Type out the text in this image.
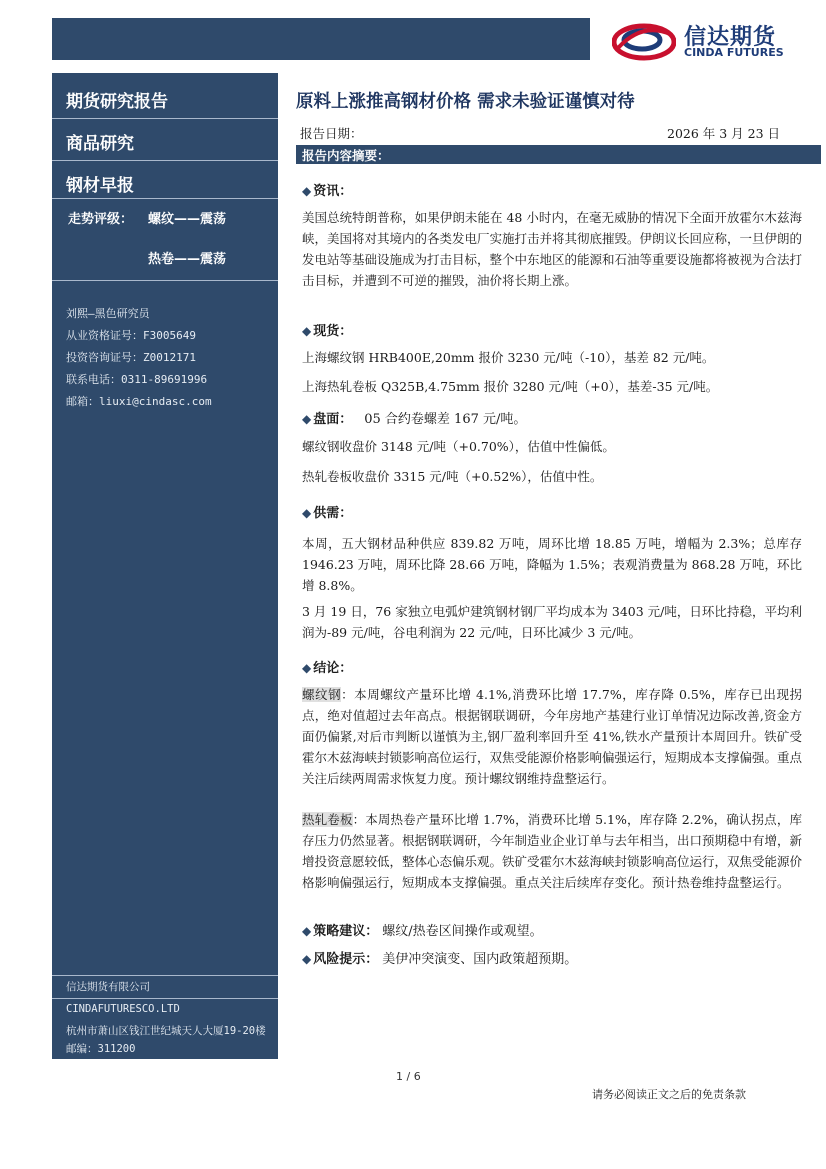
信达期货
CINDA FUTURES
期货研究报告
商品研究
钢材早报
走势评级： 螺纹——震荡
热卷——震荡
刘熙—黑色研究员
从业资格证号：F3005649
投资咨询证号：Z0012171
联系电话：0311-89691996
邮箱：liuxi@cindasc.com
信达期货有限公司
CINDAFUTURESCO.LTD
杭州市萧山区钱江世纪城天人大厦19-20楼
邮编：311200
原料上涨推高钢材价格 需求未验证谨慎对待
报告日期：	2026 年 3 月 23 日
报告内容摘要：
◆ 资讯：
美国总统特朗普称，如果伊朗未能在 48 小时内，在毫无威胁的情况下全面开放霍尔木兹海峡，美国将对其境内的各类发电厂实施打击并将其彻底摧毁。伊朗议长回应称，一旦伊朗的发电站等基础设施成为打击目标，整个中东地区的能源和石油等重要设施都将被视为合法打击目标，并遭到不可逆的摧毁，油价将长期上涨。
◆ 现货：
上海螺纹钢 HRB400E,20mm 报价 3230 元/吨（-10），基差 82 元/吨。
上海热轧卷板 Q325B,4.75mm 报价 3280 元/吨（+0），基差-35 元/吨。
◆ 盘面： 05 合约卷螺差 167 元/吨。
螺纹钢收盘价 3148 元/吨（+0.70%），估值中性偏低。
热轧卷板收盘价 3315 元/吨（+0.52%），估值中性。
◆ 供需：
本周，五大钢材品种供应 839.82 万吨，周环比增 18.85 万吨，增幅为 2.3%；总库存 1946.23 万吨，周环比降 28.66 万吨，降幅为 1.5%；表观消费量为 868.28 万吨，环比增 8.8%。
3 月 19 日，76 家独立电弧炉建筑钢材钢厂平均成本为 3403 元/吨，日环比持稳，平均利润为-89 元/吨，谷电利润为 22 元/吨，日环比减少 3 元/吨。
◆ 结论：
螺纹钢：本周螺纹产量环比增 4.1%,消费环比增 17.7%，库存降 0.5%，库存已出现拐点，绝对值超过去年高点。根据钢联调研，今年房地产基建行业订单情况边际改善,资金方面仍偏紧,对后市判断以谨慎为主,钢厂盈利率回升至 41%,铁水产量预计本周回升。铁矿受霍尔木兹海峡封锁影响高位运行，双焦受能源价格影响偏强运行，短期成本支撑偏强。重点关注后续两周需求恢复力度。预计螺纹钢维持盘整运行。
热轧卷板：本周热卷产量环比增 1.7%，消费环比增 5.1%，库存降 2.2%，确认拐点，库存压力仍然显著。根据钢联调研，今年制造业企业订单与去年相当，出口预期稳中有增，新增投资意愿较低，整体心态偏乐观。铁矿受霍尔木兹海峡封锁影响高位运行，双焦受能源价格影响偏强运行，短期成本支撑偏强。重点关注后续库存变化。预计热卷维持盘整运行。
◆ 策略建议： 螺纹/热卷区间操作或观望。
◆ 风险提示： 美伊冲突演变、国内政策超预期。
1 / 6
请务必阅读正文之后的免责条款
